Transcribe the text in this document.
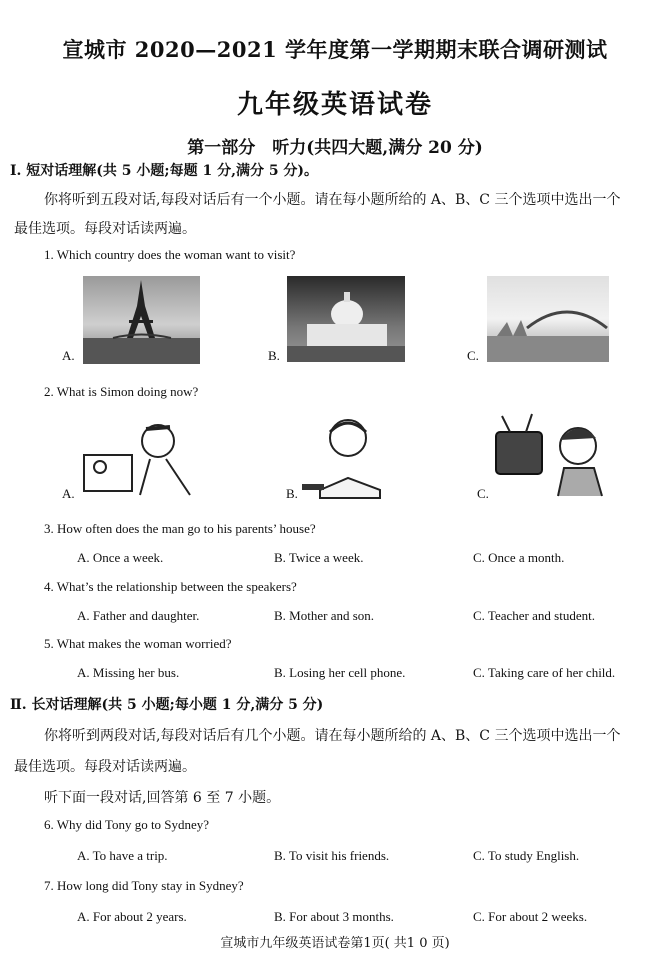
宣城市 2020—2021 学年度第一学期期末联合调研测试
九年级英语试卷
第一部分　听力(共四大题,满分 20 分)
Ⅰ. 短对话理解(共 5 小题;每题 1 分,满分 5 分)。
你将听到五段对话,每段对话后有一个小题。请在每小题所给的 A、B、C 三个选项中选出一个
最佳选项。每段对话读两遍。
1. Which country does the woman want to visit?
A.	B.	C.
2. What is Simon doing now?
A.	B.	C.
3. How often does the man go to his parents’ house?
A. Once a week.	B. Twice a week.	C. Once a month.
4. What’s the relationship between the speakers?
A. Father and daughter.	B. Mother and son.	C. Teacher and student.
5. What makes the woman worried?
A. Missing her bus.	B. Losing her cell phone.	C. Taking care of her child.
Ⅱ. 长对话理解(共 5 小题;每小题 1 分,满分 5 分)
你将听到两段对话,每段对话后有几个小题。请在每小题所给的 A、B、C 三个选项中选出一个
最佳选项。每段对话读两遍。
听下面一段对话,回答第 6 至 7 小题。
6. Why did Tony go to Sydney?
A. To have a trip.	B. To visit his friends.	C. To study English.
7. How long did Tony stay in Sydney?
A. For about 2 years.	B. For about 3 months.	C. For about 2 weeks.
宣城市九年级英语试卷第1页( 共1 0 页)
